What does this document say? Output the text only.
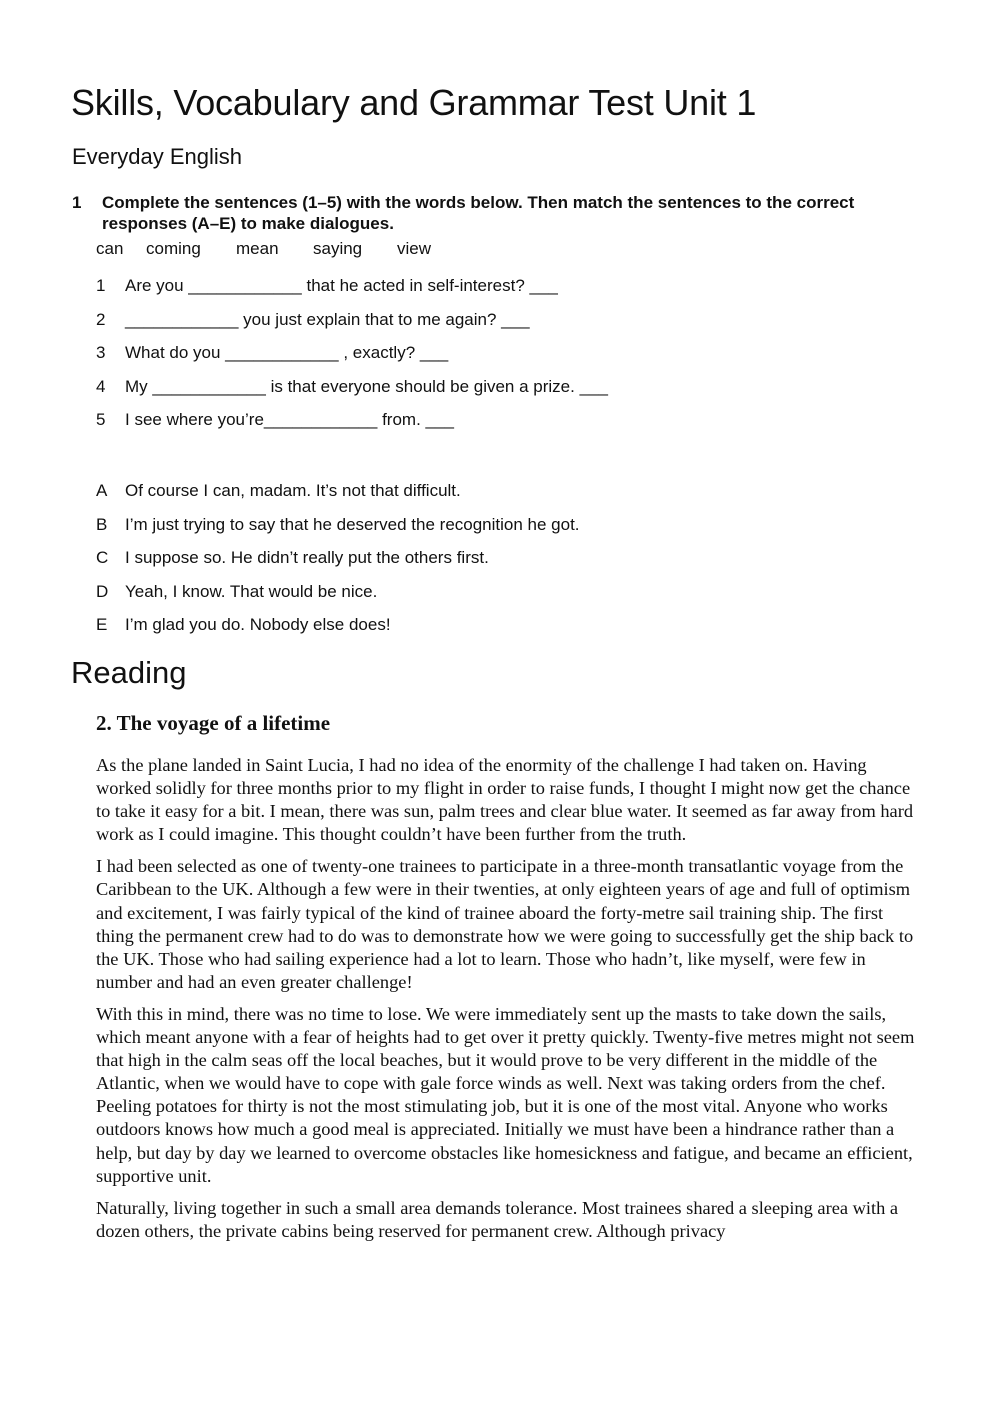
Skills, Vocabulary and Grammar Test Unit 1
Everyday English
1 Complete the sentences (1–5) with the words below. Then match the sentences to the correct responses (A–E) to make dialogues.
can	coming	mean	saying	view
1 Are you ____________ that he acted in self-interest? ___
2 ____________ you just explain that to me again? ___
3 What do you ____________ , exactly? ___
4 My ____________ is that everyone should be given a prize. ___
5 I see where you’re____________ from. ___
A Of course I can, madam. It’s not that difficult.
B I’m just trying to say that he deserved the recognition he got.
C I suppose so. He didn’t really put the others first.
D Yeah, I know. That would be nice.
E I’m glad you do. Nobody else does!
Reading
2. The voyage of a lifetime

As the plane landed in Saint Lucia, I had no idea of the enormity of the challenge I had taken on. Having worked solidly for three months prior to my flight in order to raise funds, I thought I might now get the chance to take it easy for a bit. I mean, there was sun, palm trees and clear blue water. It seemed as far away from hard work as I could imagine. This thought couldn’t have been further from the truth.

I had been selected as one of twenty-one trainees to participate in a three-month transatlantic voyage from the Caribbean to the UK. Although a few were in their twenties, at only eighteen years of age and full of optimism and excitement, I was fairly typical of the kind of trainee aboard the forty-metre sail training ship. The first thing the permanent crew had to do was to demonstrate how we were going to successfully get the ship back to the UK. Those who had sailing experience had a lot to learn. Those who hadn’t, like myself, were few in number and had an even greater challenge!

With this in mind, there was no time to lose. We were immediately sent up the masts to take down the sails, which meant anyone with a fear of heights had to get over it pretty quickly. Twenty-five metres might not seem that high in the calm seas off the local beaches, but it would prove to be very different in the middle of the Atlantic, when we would have to cope with gale force winds as well. Next was taking orders from the chef. Peeling potatoes for thirty is not the most stimulating job, but it is one of the most vital. Anyone who works outdoors knows how much a good meal is appreciated. Initially we must have been a hindrance rather than a help, but day by day we learned to overcome obstacles like homesickness and fatigue, and became an efficient, supportive unit.

Naturally, living together in such a small area demands tolerance. Most trainees shared a sleeping area with a dozen others, the private cabins being reserved for permanent crew. Although privacy
